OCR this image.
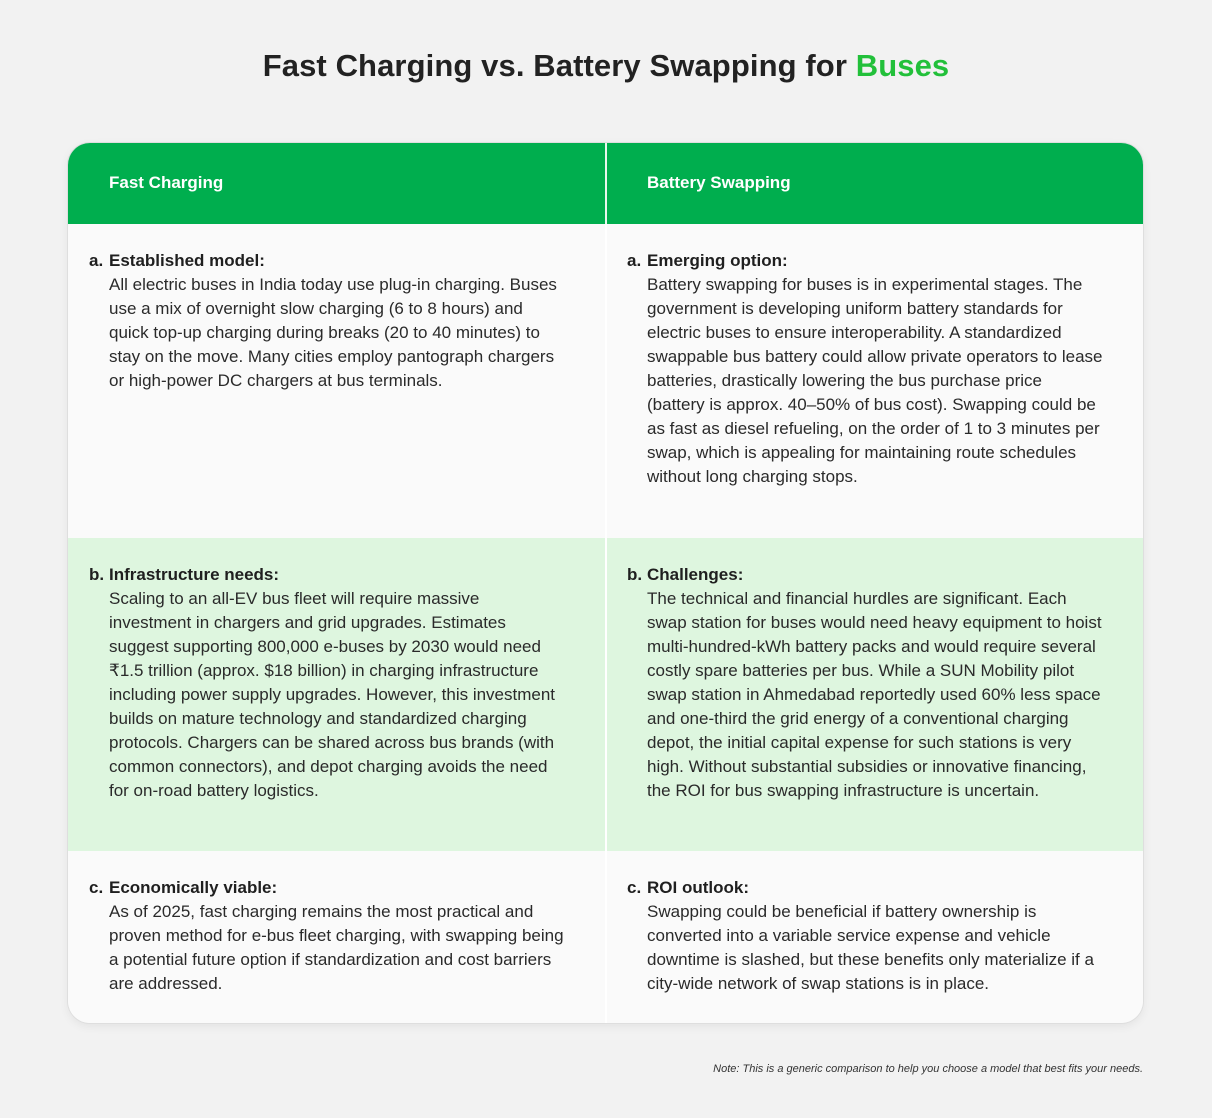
Fast Charging vs. Battery Swapping for Buses
Fast Charging	Battery Swapping
a. Established model:
All electric buses in India today use plug-in charging. Buses use a mix of overnight slow charging (6 to 8 hours) and quick top-up charging during breaks (20 to 40 minutes) to stay on the move. Many cities employ pantograph chargers or high-power DC chargers at bus terminals.
a. Emerging option:
Battery swapping for buses is in experimental stages. The government is developing uniform battery standards for electric buses to ensure interoperability. A standardized swappable bus battery could allow private operators to lease batteries, drastically lowering the bus purchase price (battery is approx. 40–50% of bus cost). Swapping could be as fast as diesel refueling, on the order of 1 to 3 minutes per swap, which is appealing for maintaining route schedules without long charging stops.
b. Infrastructure needs:
Scaling to an all-EV bus fleet will require massive investment in chargers and grid upgrades. Estimates suggest supporting 800,000 e-buses by 2030 would need ₹1.5 trillion (approx. $18 billion) in charging infrastructure including power supply upgrades. However, this investment builds on mature technology and standardized charging protocols. Chargers can be shared across bus brands (with common connectors), and depot charging avoids the need for on-road battery logistics.
b. Challenges:
The technical and financial hurdles are significant. Each swap station for buses would need heavy equipment to hoist multi-hundred-kWh battery packs and would require several costly spare batteries per bus. While a SUN Mobility pilot swap station in Ahmedabad reportedly used 60% less space and one-third the grid energy of a conventional charging depot, the initial capital expense for such stations is very high. Without substantial subsidies or innovative financing, the ROI for bus swapping infrastructure is uncertain.
c. Economically viable:
As of 2025, fast charging remains the most practical and proven method for e-bus fleet charging, with swapping being a potential future option if standardization and cost barriers are addressed.
c. ROI outlook:
Swapping could be beneficial if battery ownership is converted into a variable service expense and vehicle downtime is slashed, but these benefits only materialize if a city-wide network of swap stations is in place.
Note: This is a generic comparison to help you choose a model that best fits your needs.
